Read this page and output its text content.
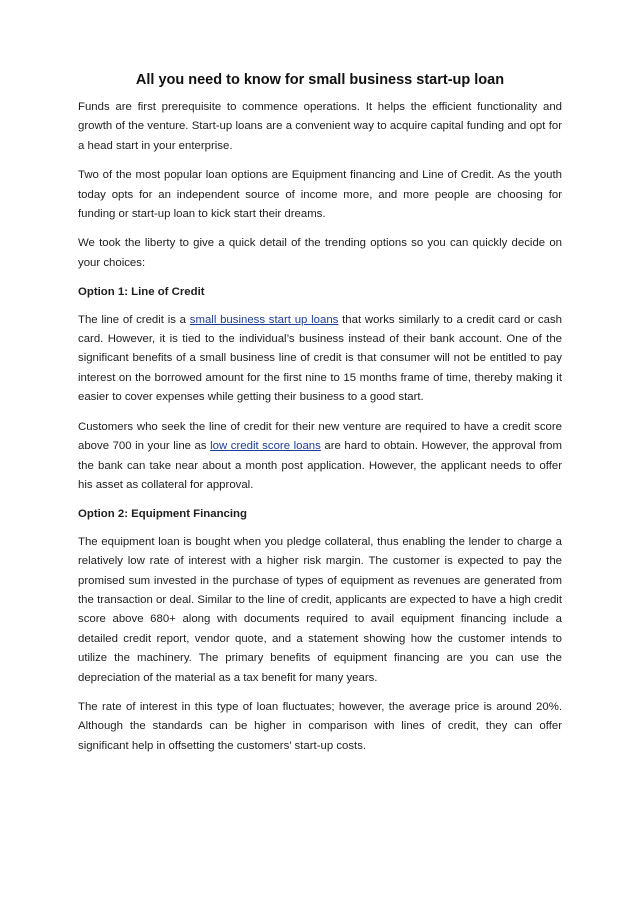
All you need to know for small business start-up loan

Funds are first prerequisite to commence operations. It helps the efficient functionality and growth of the venture. Start-up loans are a convenient way to acquire capital funding and opt for a head start in your enterprise.

Two of the most popular loan options are Equipment financing and Line of Credit. As the youth today opts for an independent source of income more, and more people are choosing for funding or start-up loan to kick start their dreams.

We took the liberty to give a quick detail of the trending options so you can quickly decide on your choices:

Option 1: Line of Credit

The line of credit is a small business start up loans that works similarly to a credit card or cash card. However, it is tied to the individual’s business instead of their bank account. One of the significant benefits of a small business line of credit is that consumer will not be entitled to pay interest on the borrowed amount for the first nine to 15 months frame of time, thereby making it easier to cover expenses while getting their business to a good start.

Customers who seek the line of credit for their new venture are required to have a credit score above 700 in your line as low credit score loans are hard to obtain. However, the approval from the bank can take near about a month post application. However, the applicant needs to offer his asset as collateral for approval.

Option 2: Equipment Financing

The equipment loan is bought when you pledge collateral, thus enabling the lender to charge a relatively low rate of interest with a higher risk margin. The customer is expected to pay the promised sum invested in the purchase of types of equipment as revenues are generated from the transaction or deal. Similar to the line of credit, applicants are expected to have a high credit score above 680+ along with documents required to avail equipment financing include a detailed credit report, vendor quote, and a statement showing how the customer intends to utilize the machinery. The primary benefits of equipment financing are you can use the depreciation of the material as a tax benefit for many years.

The rate of interest in this type of loan fluctuates; however, the average price is around 20%. Although the standards can be higher in comparison with lines of credit, they can offer significant help in offsetting the customers’ start-up costs.
